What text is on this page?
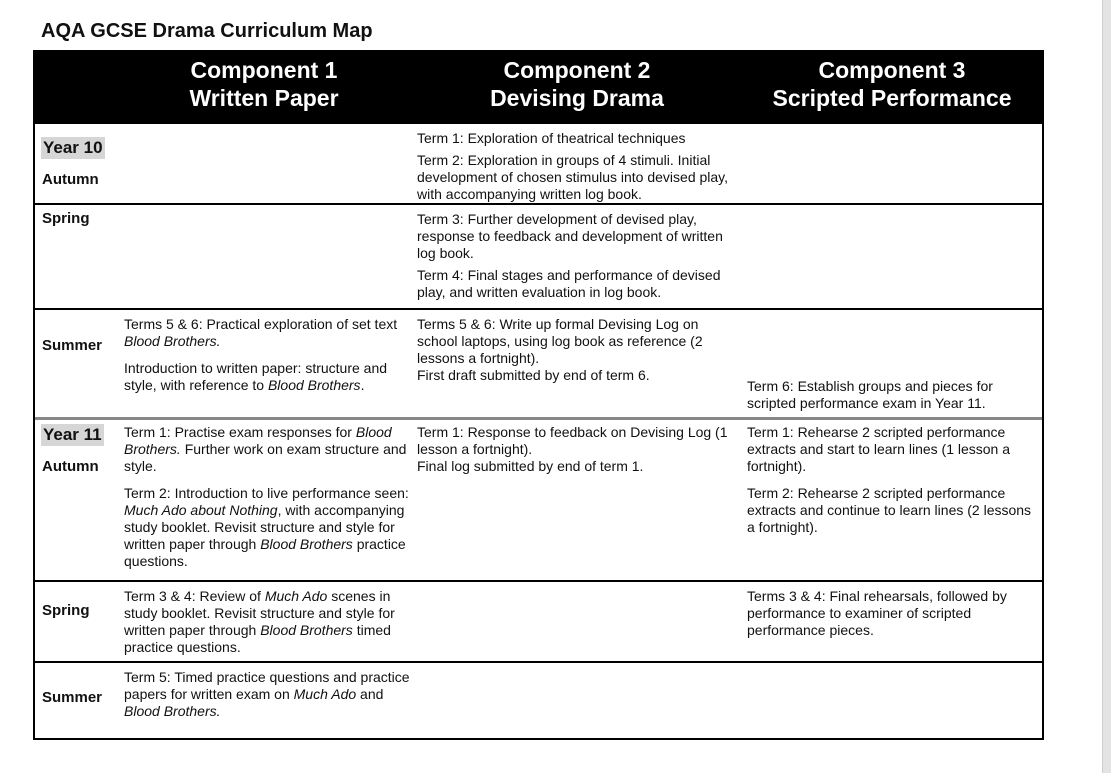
AQA GCSE Drama Curriculum Map
Component 1
Written Paper
Component 2
Devising Drama
Component 3
Scripted Performance
Year 10
Autumn

Term 1: Exploration of theatrical techniques

Term 2: Exploration in groups of 4 stimuli. Initial development of chosen stimulus into devised play, with accompanying written log book.

Spring	Term 3: Further development of devised play, response to feedback and development of written log book.

Term 4: Final stages and performance of devised play, and written evaluation in log book.

Summer

Terms 5 & 6: Practical exploration of set text Blood Brothers.

Introduction to written paper: structure and style, with reference to Blood Brothers.

Terms 5 & 6: Write up formal Devising Log on school laptops, using log book as reference (2 lessons a fortnight).

First draft submitted by end of term 6.

Term 6: Establish groups and pieces for scripted performance exam in Year 11.

Year 11
Autumn

Term 1: Practise exam responses for Blood Brothers. Further work on exam structure and style.

Term 2: Introduction to live performance seen: Much Ado about Nothing, with accompanying study booklet. Revisit structure and style for written paper through Blood Brothers practice questions.

Term 1: Response to feedback on Devising Log (1 lesson a fortnight).

Final log submitted by end of term 1.

Term 1: Rehearse 2 scripted performance extracts and start to learn lines (1 lesson a fortnight).

Term 2: Rehearse 2 scripted performance extracts and continue to learn lines (2 lessons a fortnight).

Spring

Term 3 & 4: Review of Much Ado scenes in study booklet. Revisit structure and style for written paper through Blood Brothers timed practice questions.

Terms 3 & 4: Final rehearsals, followed by performance to examiner of scripted performance pieces.

Summer

Term 5: Timed practice questions and practice papers for written exam on Much Ado and Blood Brothers.
